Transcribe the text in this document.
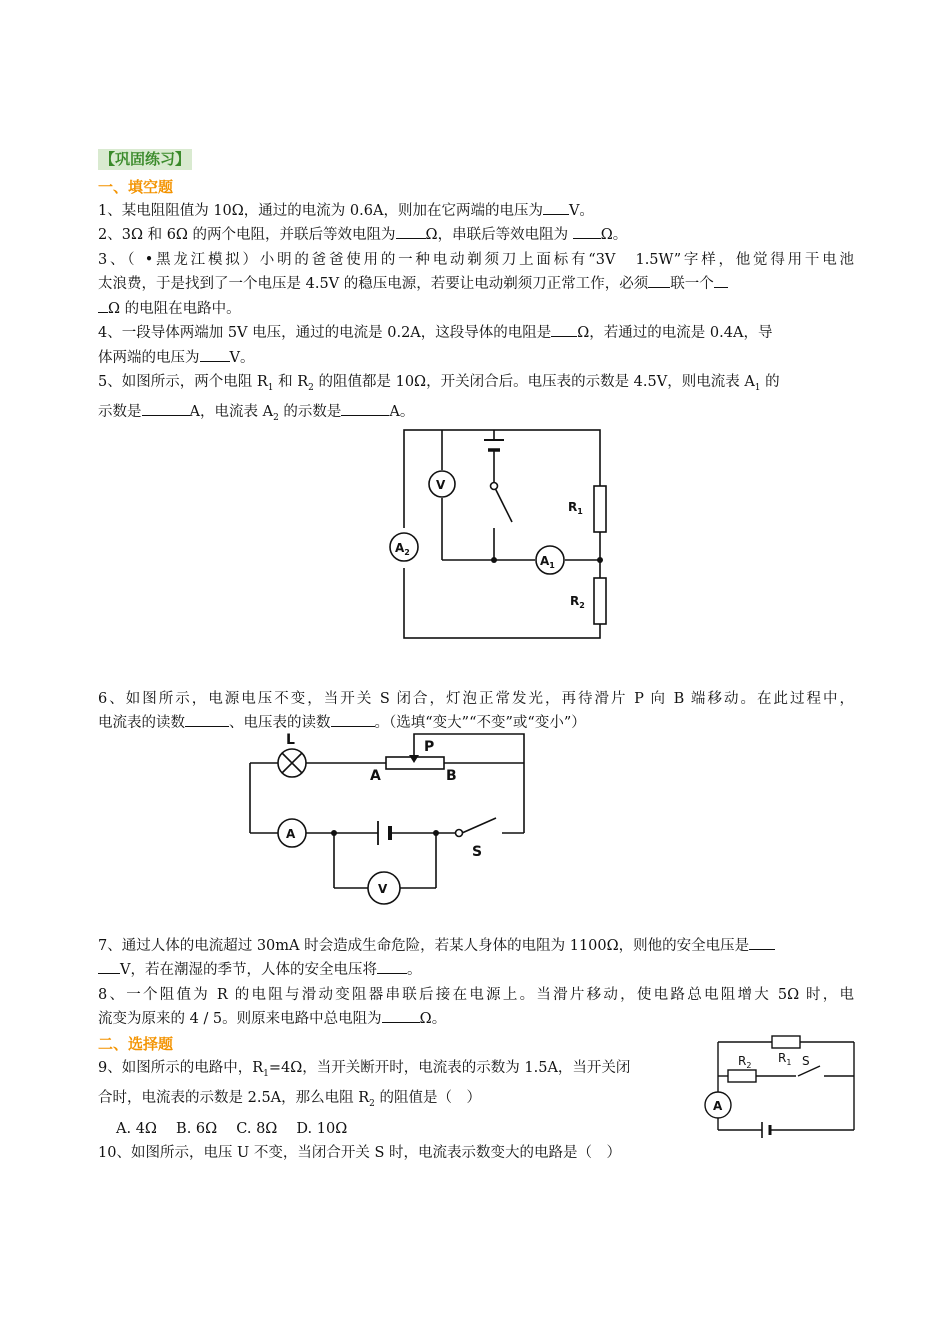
【巩固练习】
一、填空题
1、某电阻阻值为 10Ω，通过的电流为 0.6A，则加在它两端的电压为 V。
2、3Ω 和 6Ω 的两个电阻，并联后等效电阻为 Ω，串联后等效电阻为 Ω。
3、（ •黑龙江模拟）小明的爸爸使用的一种电动剃须刀上面标有“3V　1.5W”字样，他觉得用干电池
太浪费，于是找到了一个电压是 4.5V 的稳压电源，若要让电动剃须刀正常工作，必须 联一个
Ω 的电阻在电路中。
4、一段导体两端加 5V 电压，通过的电流是 0.2A，这段导体的电阻是 Ω，若通过的电流是 0.4A，导
体两端的电压为 V。
5、如图所示，两个电阻 $R_1$ 和 $R_2$ 的阻值都是 10Ω，开关闭合后。电压表的示数是 4.5V，则电流表 $A_1$ 的
示数是	A，电流表 $A_2$ 的示数是	A。
6、如图所示，电源电压不变，当开关 S 闭合，灯泡正常发光，再待滑片 P 向 B 端移动。在此过程中，
电流表的读数	、电压表的读数	。（选填“变大”“不变”或“变小”）
7、通过人体的电流超过 30mA 时会造成生命危险，若某人身体的电阻为 1100Ω，则他的安全电压是
V，若在潮湿的季节，人体的安全电压将 。
8、一个阻值为 R 的电阻与滑动变阻器串联后接在电源上。当滑片移动，使电路总电阻增大 5Ω 时，电
流变为原来的 4 / 5。则原来电路中总电阻为	Ω。
二、选择题
9、如图所示的电路中，$R_1=4\Omega$，当开关断开时，电流表的示数为 1.5A，当开关闭
合时，电流表的示数是 2.5A，那么电阻 $R_2$ 的阻值是（　）
A. 4Ω　 B. 6Ω　 C. 8Ω　 D. 10Ω
10、如图所示，电压 U 不变，当闭合开关 S 时，电流表示数变大的电路是（　）
V
$A_2$
$A_1$
$R_1$
$R_2$
L	P
A	B
A
V
S
$R_1$
$R_2$	S
A
